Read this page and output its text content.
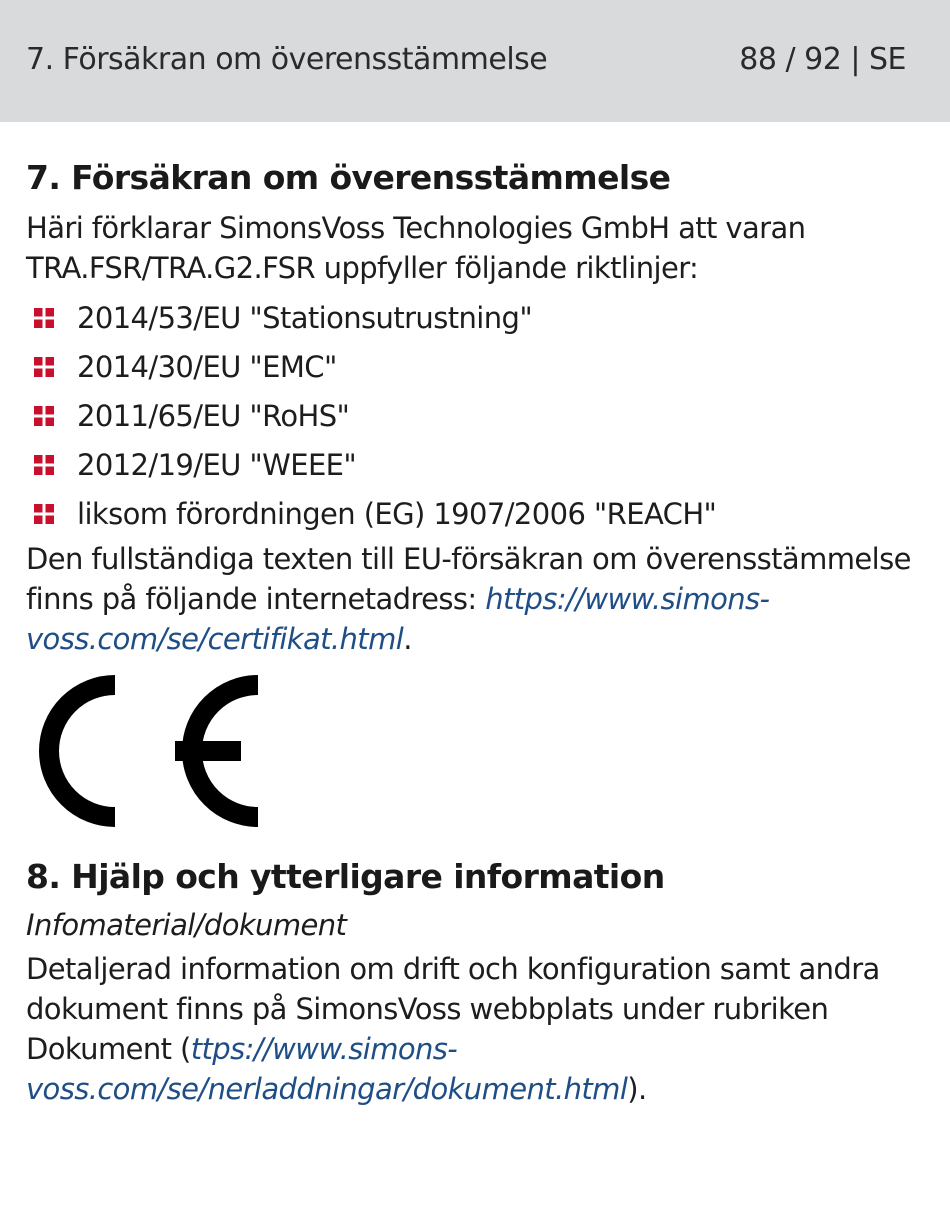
7. Försäkran om överensstämmelse	88 / 92 | SE
7. Försäkran om överensstämmelse

Häri förklarar SimonsVoss Technologies GmbH att varan TRA.FSR/TRA.G2.FSR uppfyller följande riktlinjer:

2014/53/EU "Stationsutrustning"
2014/30/EU "EMC"
2011/65/EU "RoHS"
2012/19/EU "WEEE"
liksom förordningen (EG) 1907/2006 "REACH"

Den fullständiga texten till EU-försäkran om överensstämmelse finns på följande internetadress: https://www.simons-voss.com/se/certifikat.html.

8. Hjälp och ytterligare information

Infomaterial/dokument

Detaljerad information om drift och konfiguration samt andra dokument finns på SimonsVoss webbplats under rubriken Dokument (ttps://www.simons-voss.com/se/nerladdningar/dokument.html).
